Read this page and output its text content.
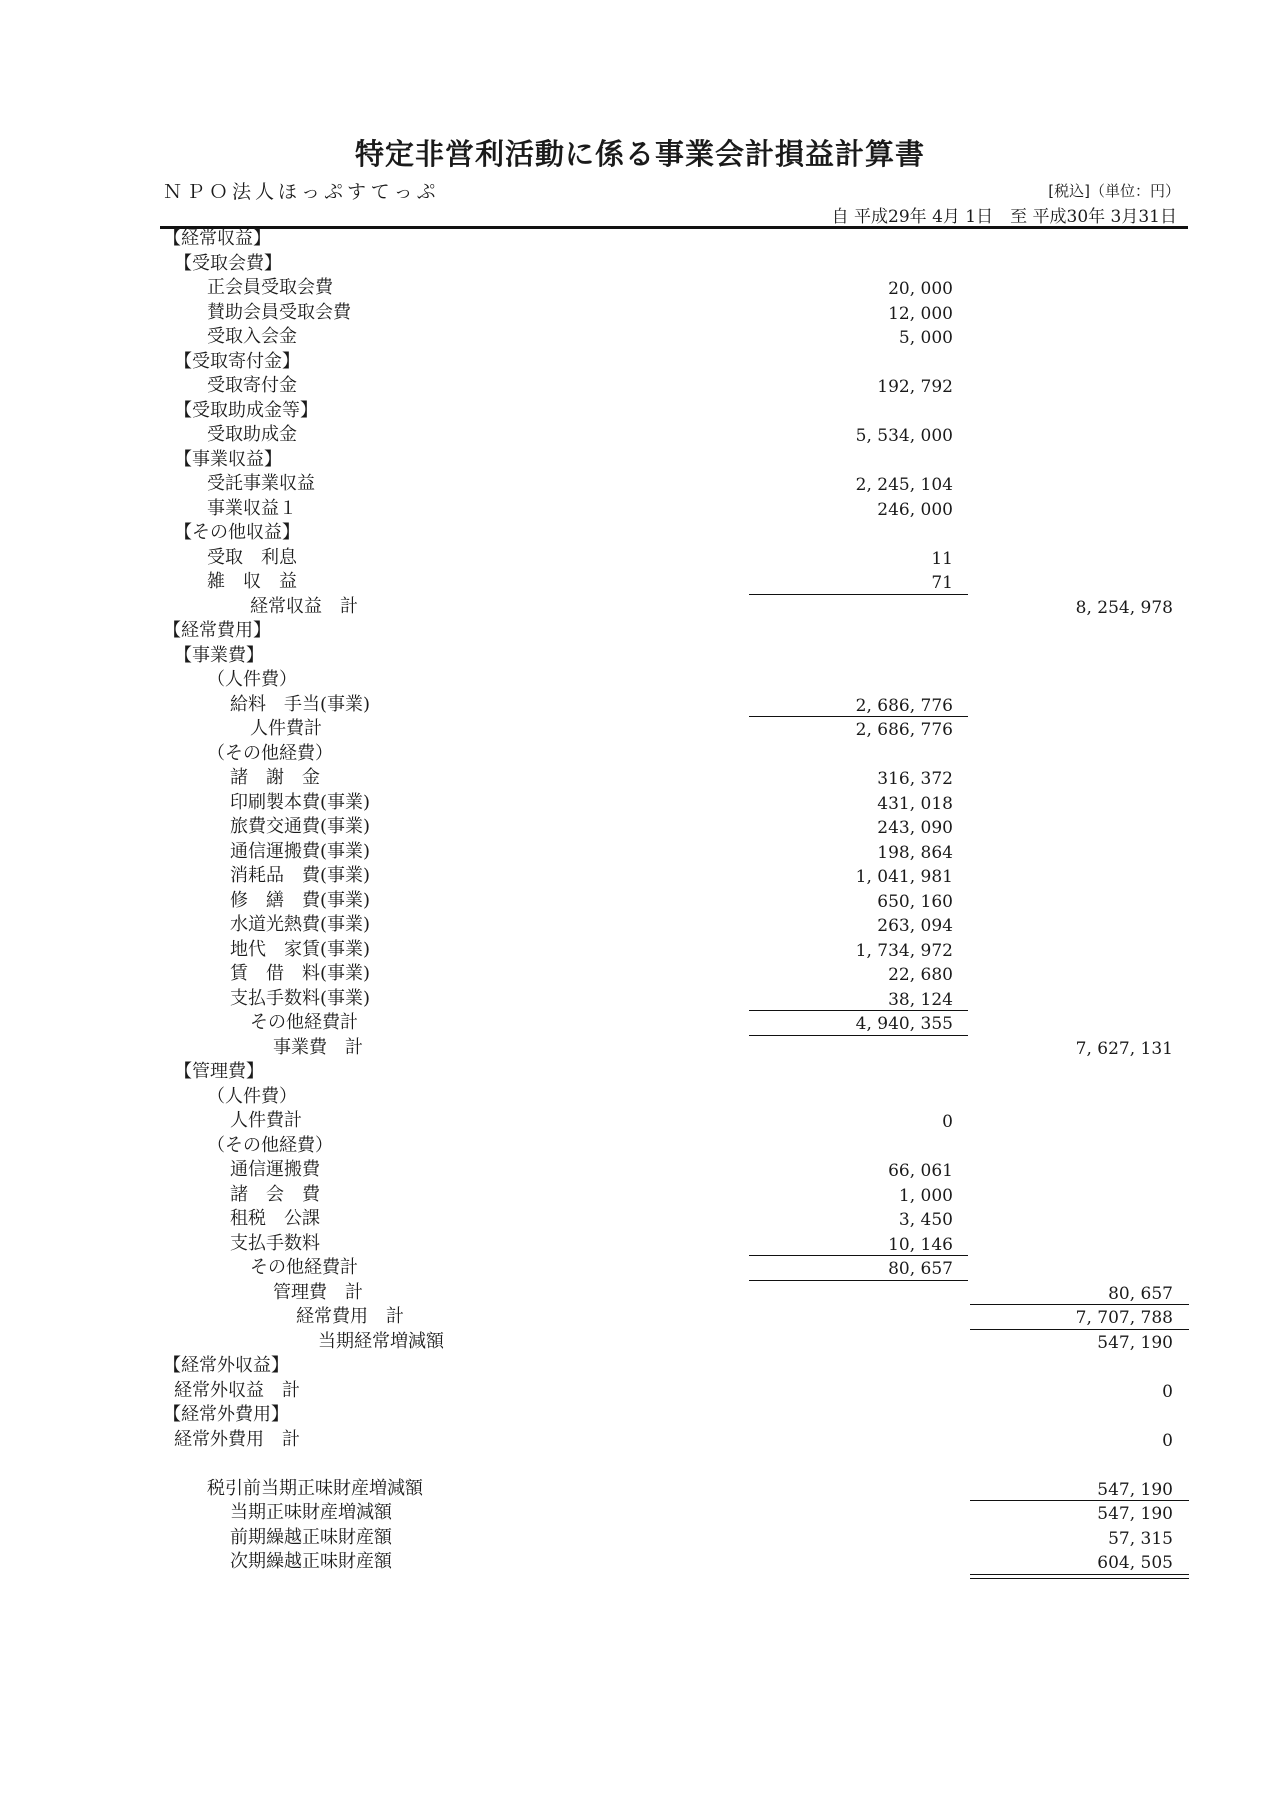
特定非営利活動に係る事業会計損益計算書
ＮＰＯ法人ほっぷすてっぷ	[税込]（単位：円）
自 平成29年 4月 1日　至 平成30年 3月31日
【経常収益】
【受取会費】
正会員受取会費	20, 000
賛助会員受取会費	12, 000
受取入会金	5, 000
【受取寄付金】
受取寄付金	192, 792
【受取助成金等】
受取助成金	5, 534, 000
【事業収益】
受託事業収益	2, 245, 104
事業収益１	246, 000
【その他収益】
受取　利息	11
雑　収　益	71
経常収益　計	8, 254, 978
【経常費用】
【事業費】
（人件費）
給料　手当(事業)	2, 686, 776
人件費計	2, 686, 776
（その他経費）
諸　謝　金	316, 372
印刷製本費(事業)	431, 018
旅費交通費(事業)	243, 090
通信運搬費(事業)	198, 864
消耗品　費(事業)	1, 041, 981
修　繕　費(事業)	650, 160
水道光熱費(事業)	263, 094
地代　家賃(事業)	1, 734, 972
賃　借　料(事業)	22, 680
支払手数料(事業)	38, 124
その他経費計	4, 940, 355
事業費　計	7, 627, 131
【管理費】
（人件費）
人件費計	0
（その他経費）
通信運搬費	66, 061
諸　会　費	1, 000
租税　公課	3, 450
支払手数料	10, 146
その他経費計	80, 657
管理費　計	80, 657
経常費用　計	7, 707, 788
当期経常増減額	547, 190
【経常外収益】
経常外収益　計	0
【経常外費用】
経常外費用　計	0
税引前当期正味財産増減額	547, 190
当期正味財産増減額	547, 190
前期繰越正味財産額	57, 315
次期繰越正味財産額	604, 505
